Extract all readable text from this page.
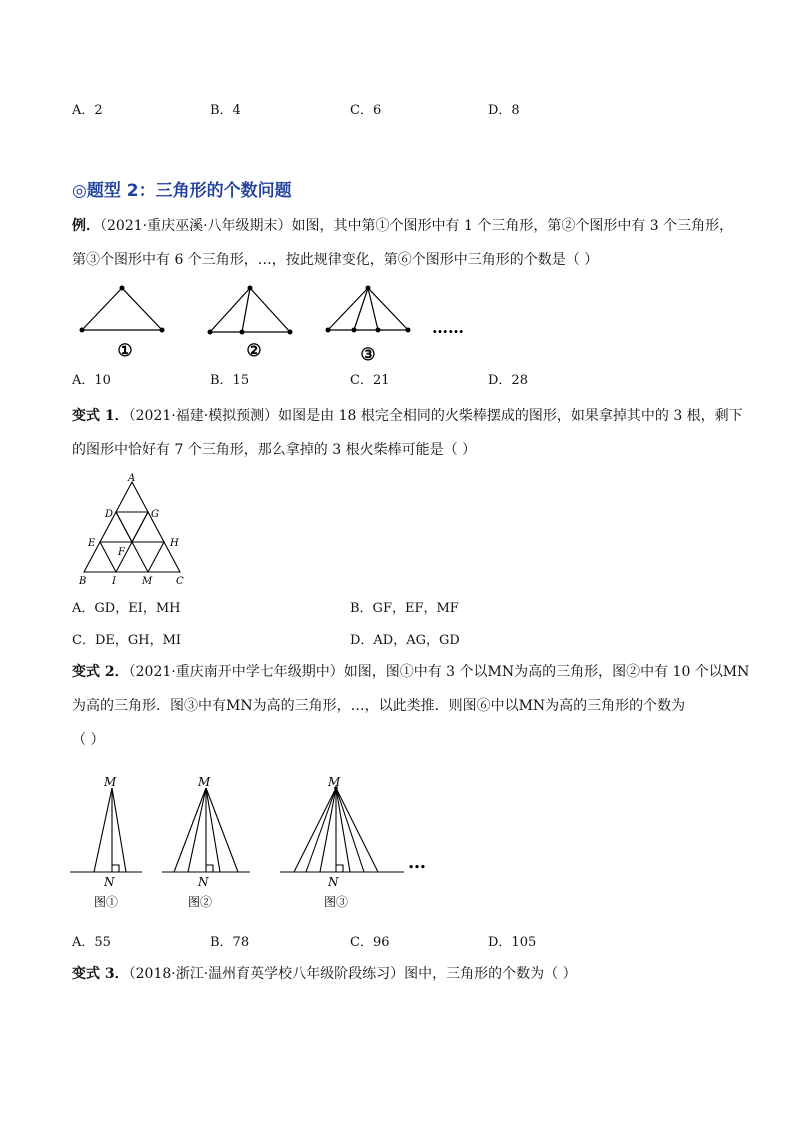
A．2	B．4	C．6	D．8
◎题型 2：三角形的个数问题
例．（2021·重庆巫溪·八年级期末）如图，其中第①个图形中有 1 个三角形，第②个图形中有 3 个三角形，
第③个图形中有 6 个三角形，…，按此规律变化，第⑥个图形中三角形的个数是（ ）
①	②	③
……
A．10	B．15	C．21	D．28
变式 1．（2021·福建·模拟预测）如图是由 18 根完全相同的火柴棒摆成的图形，如果拿掉其中的 3 根，剩下
的图形中恰好有 7 个三角形，那么拿掉的 3 根火柴棒可能是（ ）
A
D	G
E
F
H
B	I	M C
A．GD，EI，MH	B．GF，EF，MF
C．DE，GH，MI	D．AD，AG，GD
变式 2．（2021·重庆南开中学七年级期中）如图，图①中有 3 个以MN为高的三角形，图②中有 10 个以MN
为高的三角形．图③中有MN为高的三角形，…，以此类推．则图⑥中以MN为高的三角形的个数为
（ ）
M
N
M
N
M
N
图①	图②	图③
…
A．55	B．78	C．96	D．105
变式 3．（2018·浙江·温州育英学校八年级阶段练习）图中，三角形的个数为（ ）
